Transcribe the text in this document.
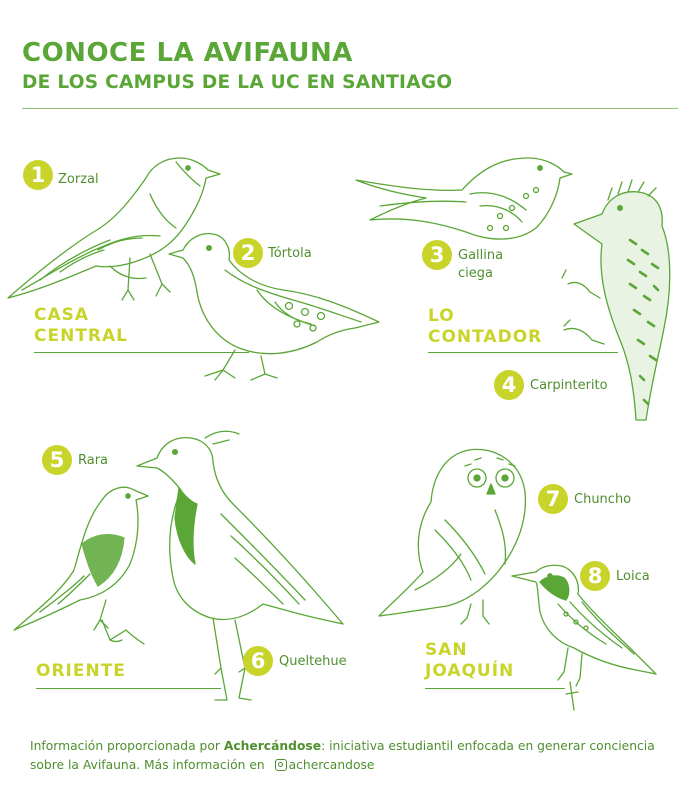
CONOCE LA AVIFAUNA
DE LOS CAMPUS DE LA UC EN SANTIAGO
1 Zorzal
2 Tórtola
CASA
CENTRAL
3	Gallina
ciega
LO
CONTADOR
4	Carpinterito
5	Rara
ORIENTE	6	Queltehue
7	Chuncho
8	Loica
SAN
JOAQUÍN
Información proporcionada por Achercándose: iniciativa estudiantil enfocada en generar conciencia sobre la Avifauna. Más información en achercandose
